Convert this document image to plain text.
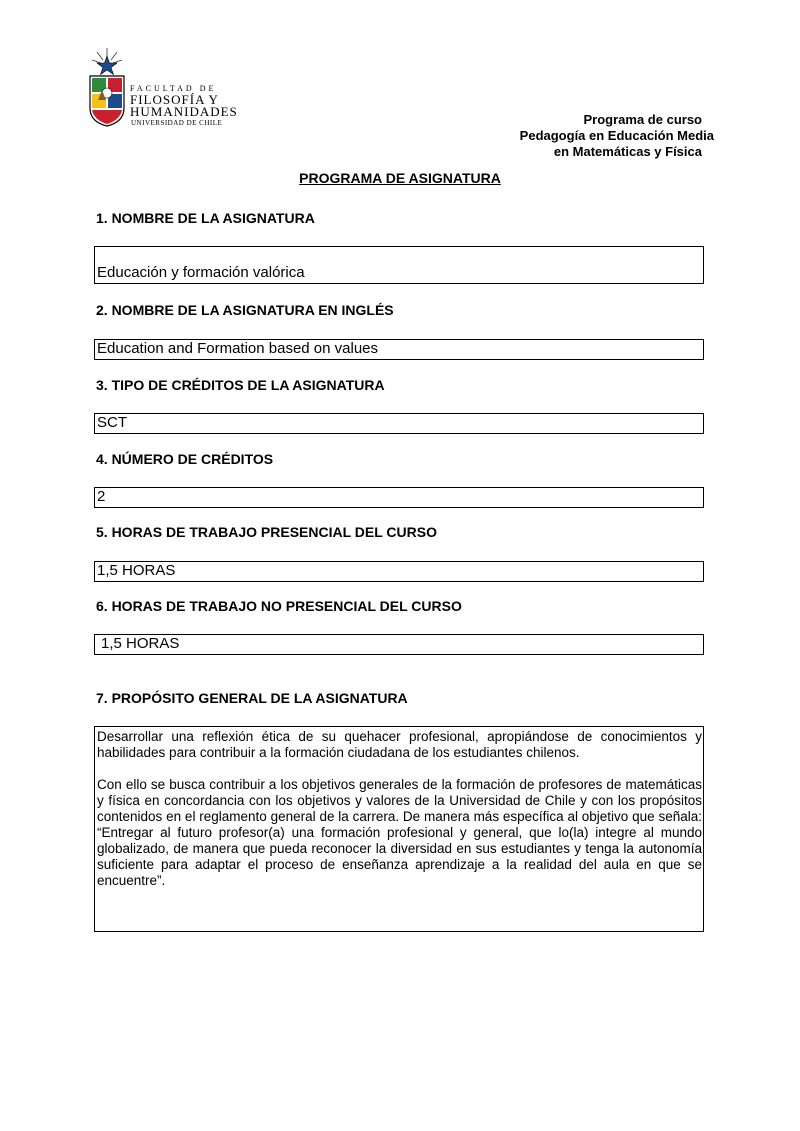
FACULTAD DE
FILOSOFÍA Y
HUMANIDADES
UNIVERSIDAD DE CHILE	Programa de curso
Pedagogía en Educación Media
en Matemáticas y Física
PROGRAMA DE ASIGNATURA
1. NOMBRE DE LA ASIGNATURA
Educación y formación valórica
2. NOMBRE DE LA ASIGNATURA EN INGLÉS
Education and Formation based on values
3. TIPO DE CRÉDITOS DE LA ASIGNATURA
SCT
4. NÚMERO DE CRÉDITOS
2
5. HORAS DE TRABAJO PRESENCIAL DEL CURSO
1,5 HORAS
6. HORAS DE TRABAJO NO PRESENCIAL DEL CURSO
1,5 HORAS
7. PROPÓSITO GENERAL DE LA ASIGNATURA

Desarrollar una reflexión ética de su quehacer profesional, apropiándose de conocimientos y habilidades para contribuir a la formación ciudadana de los estudiantes chilenos.

Con ello se busca contribuir a los objetivos generales de la formación de profesores de matemáticas y física en concordancia con los objetivos y valores de la Universidad de Chile y con los propósitos contenidos en el reglamento general de la carrera. De manera más específica al objetivo que señala: “Entregar al futuro profesor(a) una formación profesional y general, que lo(la) integre al mundo globalizado, de manera que pueda reconocer la diversidad en sus estudiantes y tenga la autonomía suficiente para adaptar el proceso de enseñanza aprendizaje a la realidad del aula en que se encuentre”.
